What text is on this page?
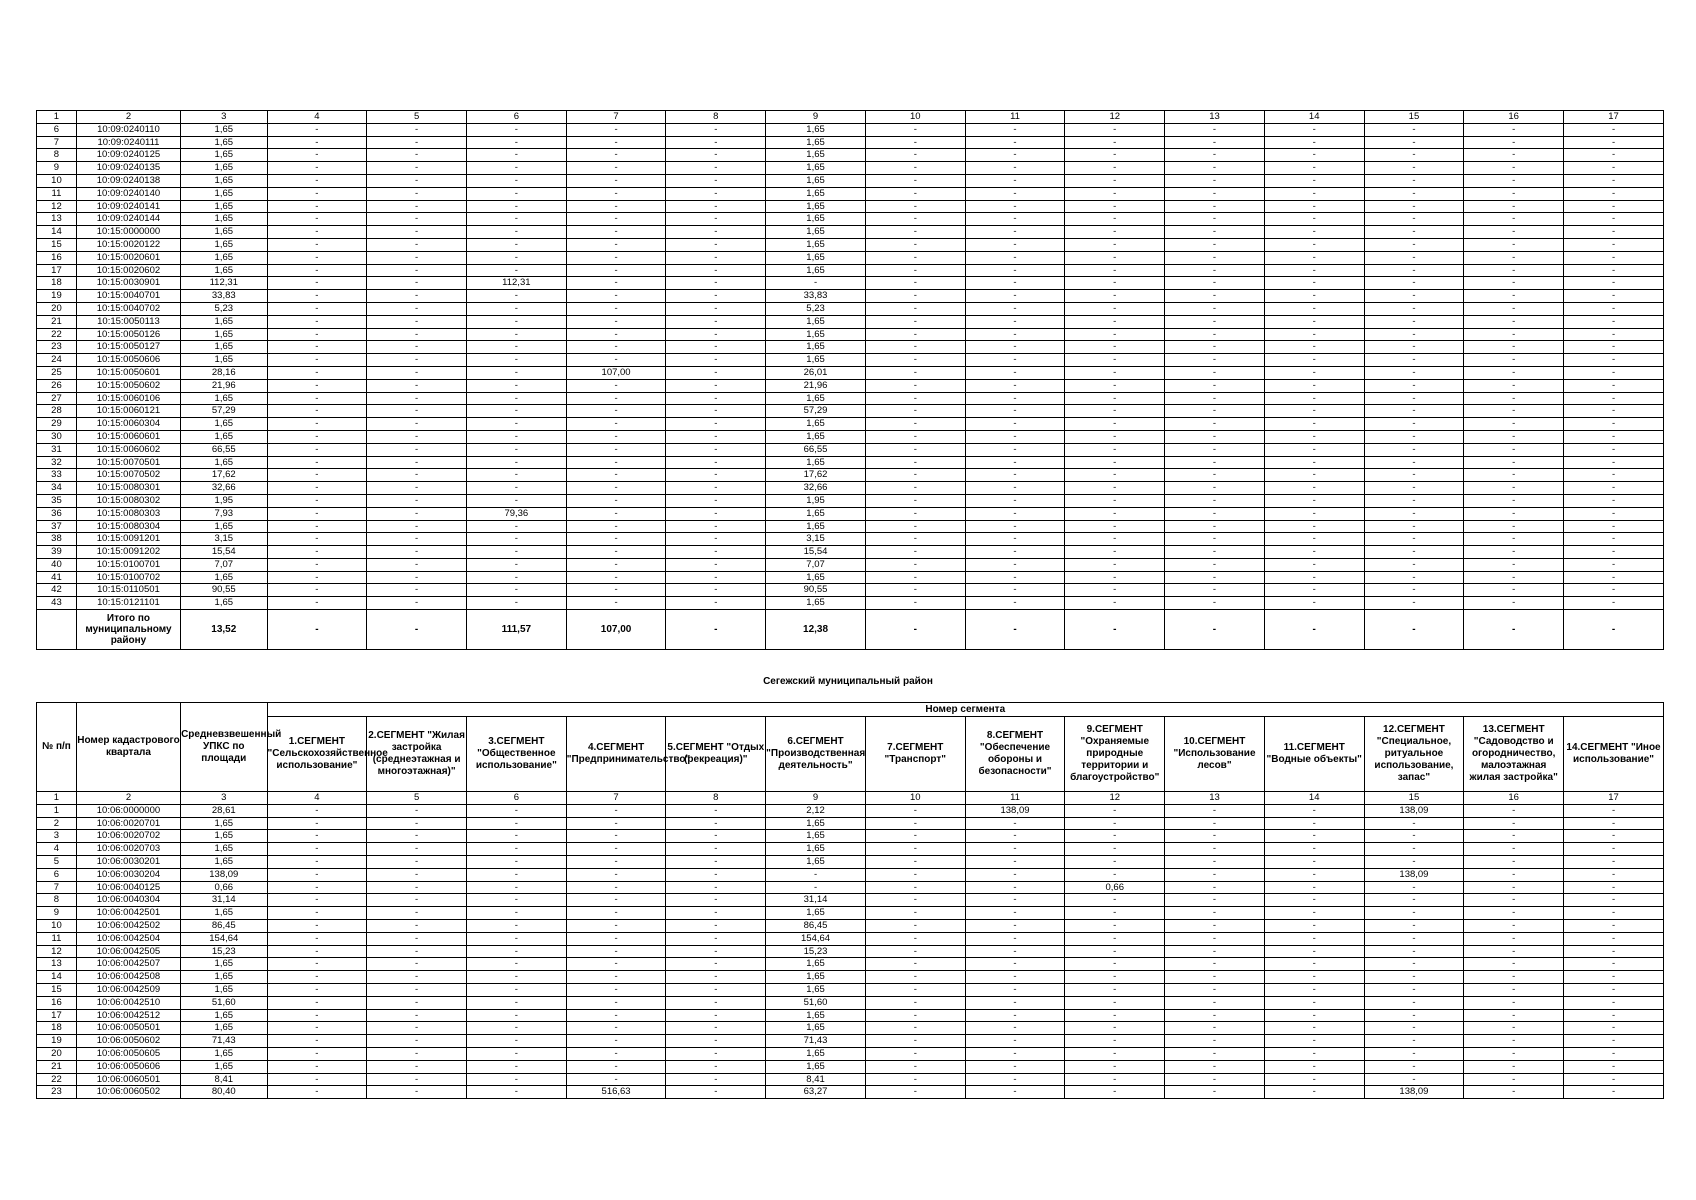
1	2	3	4	5	6	7	8	9	10	11	12	13	14	15	16	17
6	10:09:0240110	1,65	-	-	-	-	-	1,65	-	-	-	-	-	-	-	-
7	10:09:0240111	1,65	-	-	-	-	-	1,65	-	-	-	-	-	-	-	-
8	10:09:0240125	1,65	-	-	-	-	-	1,65	-	-	-	-	-	-	-	-
9	10:09:0240135	1,65	-	-	-	-	-	1,65	-	-	-	-	-	-	-	-
10	10:09:0240138	1,65	-	-	-	-	-	1,65	-	-	-	-	-	-	-	-
11	10:09:0240140	1,65	-	-	-	-	-	1,65	-	-	-	-	-	-	-	-
12	10:09:0240141	1,65	-	-	-	-	-	1,65	-	-	-	-	-	-	-	-
13	10:09:0240144	1,65	-	-	-	-	-	1,65	-	-	-	-	-	-	-	-
14	10:15:0000000	1,65	-	-	-	-	-	1,65	-	-	-	-	-	-	-	-
15	10:15:0020122	1,65	-	-	-	-	-	1,65	-	-	-	-	-	-	-	-
16	10:15:0020601	1,65	-	-	-	-	-	1,65	-	-	-	-	-	-	-	-
17	10:15:0020602	1,65	-	-	-	-	-	1,65	-	-	-	-	-	-	-	-
18	10:15:0030901	112,31	-	-	112,31	-	-	-	-	-	-	-	-	-	-	-
19	10:15:0040701	33,83	-	-	-	-	-	33,83	-	-	-	-	-	-	-	-
20	10:15:0040702	5,23	-	-	-	-	-	5,23	-	-	-	-	-	-	-	-
21	10:15:0050113	1,65	-	-	-	-	-	1,65	-	-	-	-	-	-	-	-
22	10:15:0050126	1,65	-	-	-	-	-	1,65	-	-	-	-	-	-	-	-
23	10:15:0050127	1,65	-	-	-	-	-	1,65	-	-	-	-	-	-	-	-
24	10:15:0050606	1,65	-	-	-	-	-	1,65	-	-	-	-	-	-	-	-
25	10:15:0050601	28,16	-	-	-	107,00	-	26,01	-	-	-	-	-	-	-	-
26	10:15:0050602	21,96	-	-	-	-	-	21,96	-	-	-	-	-	-	-	-
27	10:15:0060106	1,65	-	-	-	-	-	1,65	-	-	-	-	-	-	-	-
28	10:15:0060121	57,29	-	-	-	-	-	57,29	-	-	-	-	-	-	-	-
29	10:15:0060304	1,65	-	-	-	-	-	1,65	-	-	-	-	-	-	-	-
30	10:15:0060601	1,65	-	-	-	-	-	1,65	-	-	-	-	-	-	-	-
31	10:15:0060602	66,55	-	-	-	-	-	66,55	-	-	-	-	-	-	-	-
32	10:15:0070501	1,65	-	-	-	-	-	1,65	-	-	-	-	-	-	-	-
33	10:15:0070502	17,62	-	-	-	-	-	17,62	-	-	-	-	-	-	-	-
34	10:15:0080301	32,66	-	-	-	-	-	32,66	-	-	-	-	-	-	-	-
35	10:15:0080302	1,95	-	-	-	-	-	1,95	-	-	-	-	-	-	-	-
36	10:15:0080303	7,93	-	-	79,36	-	-	1,65	-	-	-	-	-	-	-	-
37	10:15:0080304	1,65	-	-	-	-	-	1,65	-	-	-	-	-	-	-	-
38	10:15:0091201	3,15	-	-	-	-	-	3,15	-	-	-	-	-	-	-	-
39	10:15:0091202	15,54	-	-	-	-	-	15,54	-	-	-	-	-	-	-	-
40	10:15:0100701	7,07	-	-	-	-	-	7,07	-	-	-	-	-	-	-	-
41	10:15:0100702	1,65	-	-	-	-	-	1,65	-	-	-	-	-	-	-	-
42	10:15:0110501	90,55	-	-	-	-	-	90,55	-	-	-	-	-	-	-	-
43	10:15:0121101	1,65	-	-	-	-	-	1,65	-	-	-	-	-	-	-	-
	Итого по муниципальному району	13,52	-	-	111,57	107,00	-	12,38	-	-	-	-	-	-	-	-
Сегежский муниципальный район
№ п/п	Номер кадастрового квартала	Средневзвешенный УПКС по площади	Номер сегмента													
			1.СЕГМЕНТ "Сельскохозяйственное использование"	2.СЕГМЕНТ "Жилая застройка (среднеэтажная и многоэтажная)"	3.СЕГМЕНТ "Общественное использование"	4.СЕГМЕНТ "Предпринимательство"	5.СЕГМЕНТ "Отдых (рекреация)"	6.СЕГМЕНТ "Производственная деятельность"	7.СЕГМЕНТ "Транспорт"	8.СЕГМЕНТ "Обеспечение обороны и безопасности"	9.СЕГМЕНТ "Охраняемые природные территории и благоустройство"	10.СЕГМЕНТ "Использование лесов"	11.СЕГМЕНТ "Водные объекты"	12.СЕГМЕНТ "Специальное, ритуальное использование, запас"	13.СЕГМЕНТ "Садоводство и огородничество, малоэтажная жилая застройка"	14.СЕГМЕНТ "Иное использование"
1	2	3	4	5	6	7	8	9	10	11	12	13	14	15	16	17
1	10:06:0000000	28,61	-	-	-	-	-	2,12	-	138,09	-	-	-	138,09	-	-
2	10:06:0020701	1,65	-	-	-	-	-	1,65	-	-	-	-	-	-	-	-
3	10:06:0020702	1,65	-	-	-	-	-	1,65	-	-	-	-	-	-	-	-
4	10:06:0020703	1,65	-	-	-	-	-	1,65	-	-	-	-	-	-	-	-
5	10:06:0030201	1,65	-	-	-	-	-	1,65	-	-	-	-	-	-	-	-
6	10:06:0030204	138,09	-	-	-	-	-	-	-	-	-	-	-	138,09	-	-
7	10:06:0040125	0,66	-	-	-	-	-	-	-	-	0,66	-	-	-	-	-
8	10:06:0040304	31,14	-	-	-	-	-	31,14	-	-	-	-	-	-	-	-
9	10:06:0042501	1,65	-	-	-	-	-	1,65	-	-	-	-	-	-	-	-
10	10:06:0042502	86,45	-	-	-	-	-	86,45	-	-	-	-	-	-	-	-
11	10:06:0042504	154,64	-	-	-	-	-	154,64	-	-	-	-	-	-	-	-
12	10:06:0042505	15,23	-	-	-	-	-	15,23	-	-	-	-	-	-	-	-
13	10:06:0042507	1,65	-	-	-	-	-	1,65	-	-	-	-	-	-	-	-
14	10:06:0042508	1,65	-	-	-	-	-	1,65	-	-	-	-	-	-	-	-
15	10:06:0042509	1,65	-	-	-	-	-	1,65	-	-	-	-	-	-	-	-
16	10:06:0042510	51,60	-	-	-	-	-	51,60	-	-	-	-	-	-	-	-
17	10:06:0042512	1,65	-	-	-	-	-	1,65	-	-	-	-	-	-	-	-
18	10:06:0050501	1,65	-	-	-	-	-	1,65	-	-	-	-	-	-	-	-
19	10:06:0050602	71,43	-	-	-	-	-	71,43	-	-	-	-	-	-	-	-
20	10:06:0050605	1,65	-	-	-	-	-	1,65	-	-	-	-	-	-	-	-
21	10:06:0050606	1,65	-	-	-	-	-	1,65	-	-	-	-	-	-	-	-
22	10:06:0060501	8,41	-	-	-	-	-	8,41	-	-	-	-	-	-	-	-
23	10:06:0060502	80,40	-	-	-	516,63	-	63,27	-	-	-	-	-	138,09	-	-
